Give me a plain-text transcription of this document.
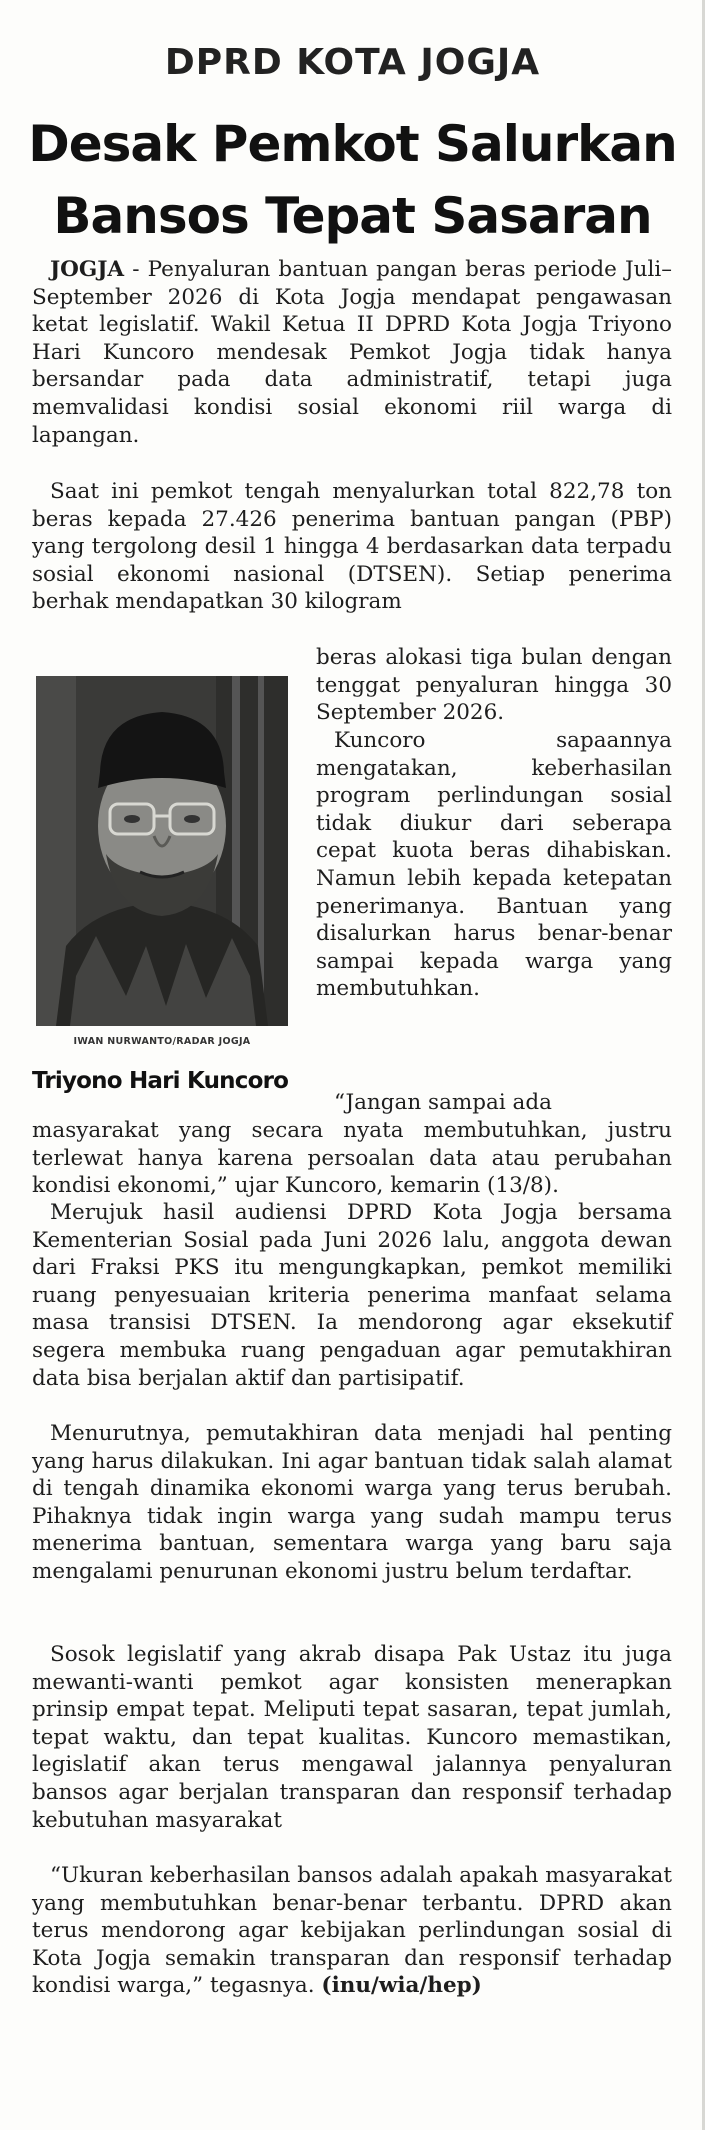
DPRD KOTA JOGJA
Desak Pemkot Salurkan
Bansos Tepat Sasaran

JOGJA - Penyaluran bantuan pangan beras periode Juli–September 2026 di Kota Jogja mendapat pengawasan ketat legislatif. Wakil Ketua II DPRD Kota Jogja Triyono Hari Kuncoro mendesak Pemkot Jogja tidak hanya bersandar pada data administratif, tetapi juga memvalidasi kondisi sosial ekonomi riil warga di lapangan.

Saat ini pemkot tengah menyalurkan total 822,78 ton beras kepada 27.426 penerima bantuan pangan (PBP) yang tergolong desil 1 hingga 4 berdasarkan data terpadu sosial ekonomi nasional (DTSEN). Setiap penerima berhak mendapatkan 30 kilogram

IWAN NURWANTO/RADAR JOGJA
Triyono Hari Kuncoro

beras alokasi tiga bulan dengan tenggat penyaluran hingga 30 September 2026.

Kuncoro sapaannya mengatakan, keberhasilan program perlindungan sosial tidak diukur dari seberapa cepat kuota beras dihabiskan. Namun lebih kepada ketepatan penerimanya. Bantuan yang disalurkan harus benar-benar sampai kepada warga yang membutuhkan.

“Jangan sampai ada

masyarakat yang secara nyata membutuhkan, justru terlewat hanya karena persoalan data atau perubahan kondisi ekonomi,” ujar Kuncoro, kemarin (13/8).

Merujuk hasil audiensi DPRD Kota Jogja bersama Kementerian Sosial pada Juni 2026 lalu, anggota dewan dari Fraksi PKS itu mengungkapkan, pemkot memiliki ruang penyesuaian kriteria penerima manfaat selama masa transisi DTSEN. Ia mendorong agar eksekutif segera membuka ruang pengaduan agar pemutakhiran data bisa berjalan aktif dan partisipatif.

Menurutnya, pemutakhiran data menjadi hal penting yang harus dilakukan. Ini agar bantuan tidak salah alamat di tengah dinamika ekonomi warga yang terus berubah. Pihaknya tidak ingin warga yang sudah mampu terus menerima bantuan, sementara warga yang baru saja mengalami penurunan ekonomi justru belum terdaftar.

Sosok legislatif yang akrab disapa Pak Ustaz itu juga mewanti-wanti pemkot agar konsisten menerapkan prinsip empat tepat. Meliputi tepat sasaran, tepat jumlah, tepat waktu, dan tepat kualitas. Kuncoro memastikan, legislatif akan terus mengawal jalannya penyaluran bansos agar berjalan transparan dan responsif terhadap kebutuhan masyarakat

“Ukuran keberhasilan bansos adalah apakah masyarakat yang membutuhkan benar-benar terbantu. DPRD akan terus mendorong agar kebijakan perlindungan sosial di Kota Jogja semakin transparan dan responsif terhadap kondisi warga,” tegasnya. (inu/wia/hep)
